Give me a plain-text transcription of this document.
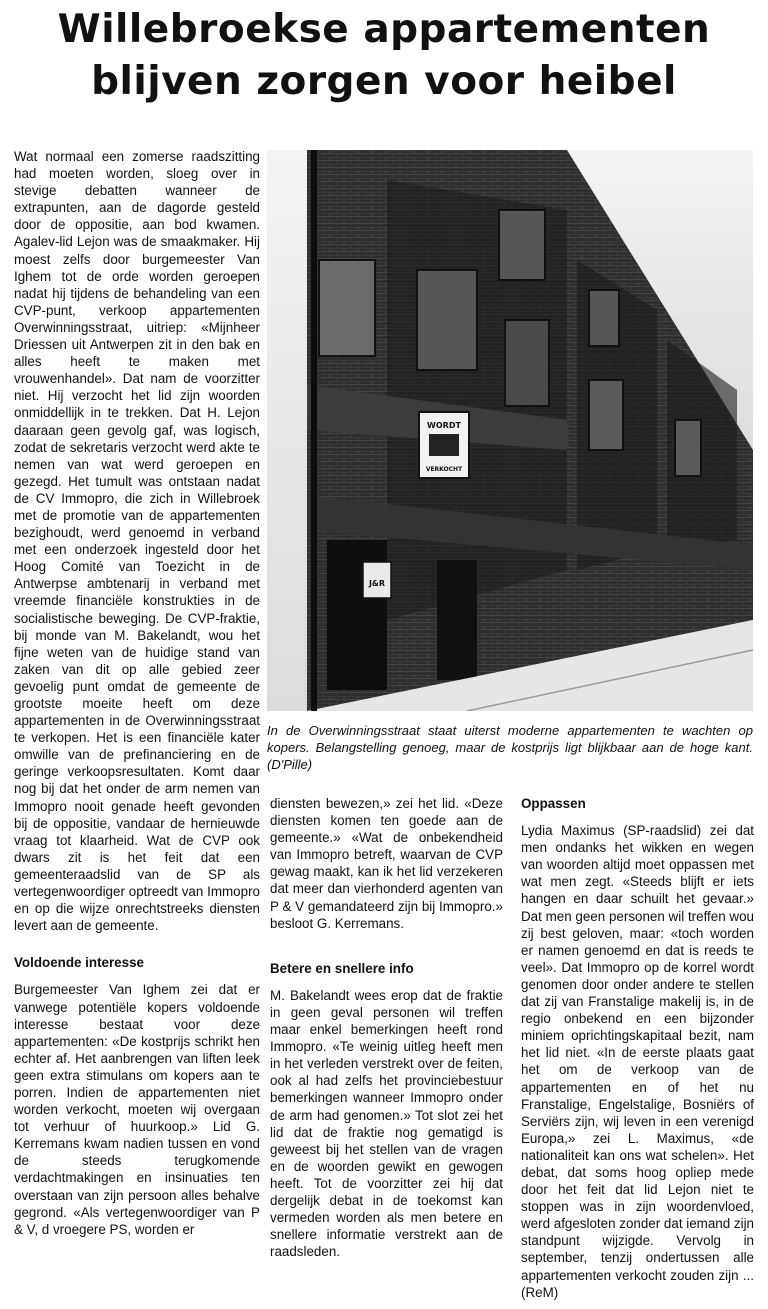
Willebroekse appartementen
blijven zorgen voor heibel

Wat normaal een zomerse raadszitting had moeten worden, sloeg over in stevige debatten wanneer de extrapunten, aan de dagorde gesteld door de oppositie, aan bod kwamen. Agalev-lid Lejon was de smaakmaker. Hij moest zelfs door burgemeester Van Ighem tot de orde worden geroepen nadat hij tijdens de behandeling van een CVP-punt, verkoop appartementen Overwinningsstraat, uitriep: «Mijnheer Driessen uit Antwerpen zit in den bak en alles heeft te maken met vrouwenhandel». Dat nam de voorzitter niet. Hij verzocht het lid zijn woorden onmiddellijk in te trekken. Dat H. Lejon daaraan geen gevolg gaf, was logisch, zodat de sekretaris verzocht werd akte te nemen van wat werd geroepen en gezegd. Het tumult was ontstaan nadat de CV Immopro, die zich in Willebroek met de promotie van de appartementen bezighoudt, werd genoemd in verband met een onderzoek ingesteld door het Hoog Comité van Toezicht in de Antwerpse ambtenarij in verband met vreemde financiële konstrukties in de socialistische beweging. De CVP-fraktie, bij monde van M. Bakelandt, wou het fijne weten van de huidige stand van zaken van dit op alle gebied zeer gevoelig punt omdat de gemeente de grootste moeite heeft om deze appartementen in de Overwinningsstraat te verkopen. Het is een financiële kater omwille van de prefinanciering en de geringe verkoopsresultaten. Komt daar nog bij dat het onder de arm nemen van Immopro nooit genade heeft gevonden bij de oppositie, vandaar de hernieuwde vraag tot klaarheid. Wat de CVP ook dwars zit is het feit dat een gemeenteraadslid van de SP als vertegenwoordiger optreedt van Immopro en op die wijze onrechtstreeks diensten levert aan de gemeente.

Voldoende interesse

Burgemeester Van Ighem zei dat er vanwege potentiële kopers voldoende interesse bestaat voor deze appartementen: «De kostprijs schrikt hen echter af. Het aanbrengen van liften leek geen extra stimulans om kopers aan te porren. Indien de appartementen niet worden verkocht, moeten wij overgaan tot verhuur of huurkoop.» Lid G. Kerremans kwam nadien tussen en vond de steeds terugkomende verdachtmakingen en insinuaties ten overstaan van zijn persoon alles behalve gegrond. «Als vertegenwoordiger van P & V, d vroegere PS, worden er

WORDT
VERKOCHT
J&R
In de Overwinningsstraat staat uiterst moderne appartementen te wachten op kopers. Belangstelling genoeg, maar de kostprijs ligt blijkbaar aan de hoge kant. (D'Pille)

diensten bewezen,» zei het lid. «Deze diensten komen ten goede aan de gemeente.» «Wat de onbekendheid van Immopro betreft, waarvan de CVP gewag maakt, kan ik het lid verzekeren dat meer dan vierhonderd agenten van P & V gemandateerd zijn bij Immopro.» besloot G. Kerremans.

Betere en snellere info

M. Bakelandt wees erop dat de fraktie in geen geval personen wil treffen maar enkel bemerkingen heeft rond Immopro. «Te weinig uitleg heeft men in het verleden verstrekt over de feiten, ook al had zelfs het provinciebestuur bemerkingen wanneer Immopro onder de arm had genomen.» Tot slot zei het lid dat de fraktie nog gematigd is geweest bij het stellen van de vragen en de woorden gewikt en gewogen heeft. Tot de voorzitter zei hij dat dergelijk debat in de toekomst kan vermeden worden als men betere en snellere informatie verstrekt aan de raadsleden.

Oppassen

Lydia Maximus (SP-raadslid) zei dat men ondanks het wikken en wegen van woorden altijd moet oppassen met wat men zegt. «Steeds blijft er iets hangen en daar schuilt het gevaar.» Dat men geen personen wil treffen wou zij best geloven, maar: «toch worden er namen genoemd en dat is reeds te veel». Dat Immopro op de korrel wordt genomen door onder andere te stellen dat zij van Franstalige makelij is, in de regio onbekend en een bijzonder miniem oprichtingskapitaal bezit, nam het lid niet. «In de eerste plaats gaat het om de verkoop van de appartementen en of het nu Franstalige, Engelstalige, Bosniërs of Serviërs zijn, wij leven in een verenigd Europa,» zei L. Maximus, «de nationaliteit kan ons wat schelen». Het debat, dat soms hoog opliep mede door het feit dat lid Lejon niet te stoppen was in zijn woordenvloed, werd afgesloten zonder dat iemand zijn standpunt wijzigde. Vervolg in september, tenzij ondertussen alle appartementen verkocht zouden zijn ... (ReM)
